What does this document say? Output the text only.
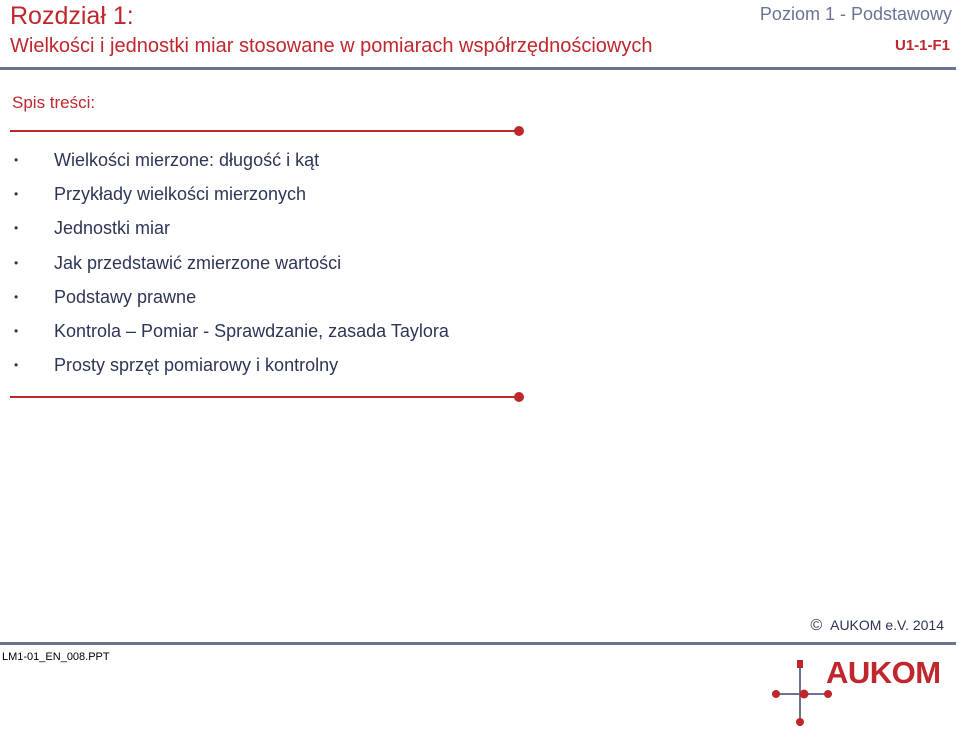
Rozdział 1:
Wielkości i jednostki miar stosowane w pomiarach współrzędnościowych
Poziom 1 - Podstawowy
U1-1-F1
Spis treści:
• Wielkości mierzone: długość i kąt
• Przykłady wielkości mierzonych
• Jednostki miar
• Jak przedstawić zmierzone wartości
• Podstawy prawne
• Kontrola – Pomiar - Sprawdzanie, zasada Taylora
• Prosty sprzęt pomiarowy i kontrolny
© AUKOM e.V. 2014
LM1-01_EN_008.PPT	AUKOM
